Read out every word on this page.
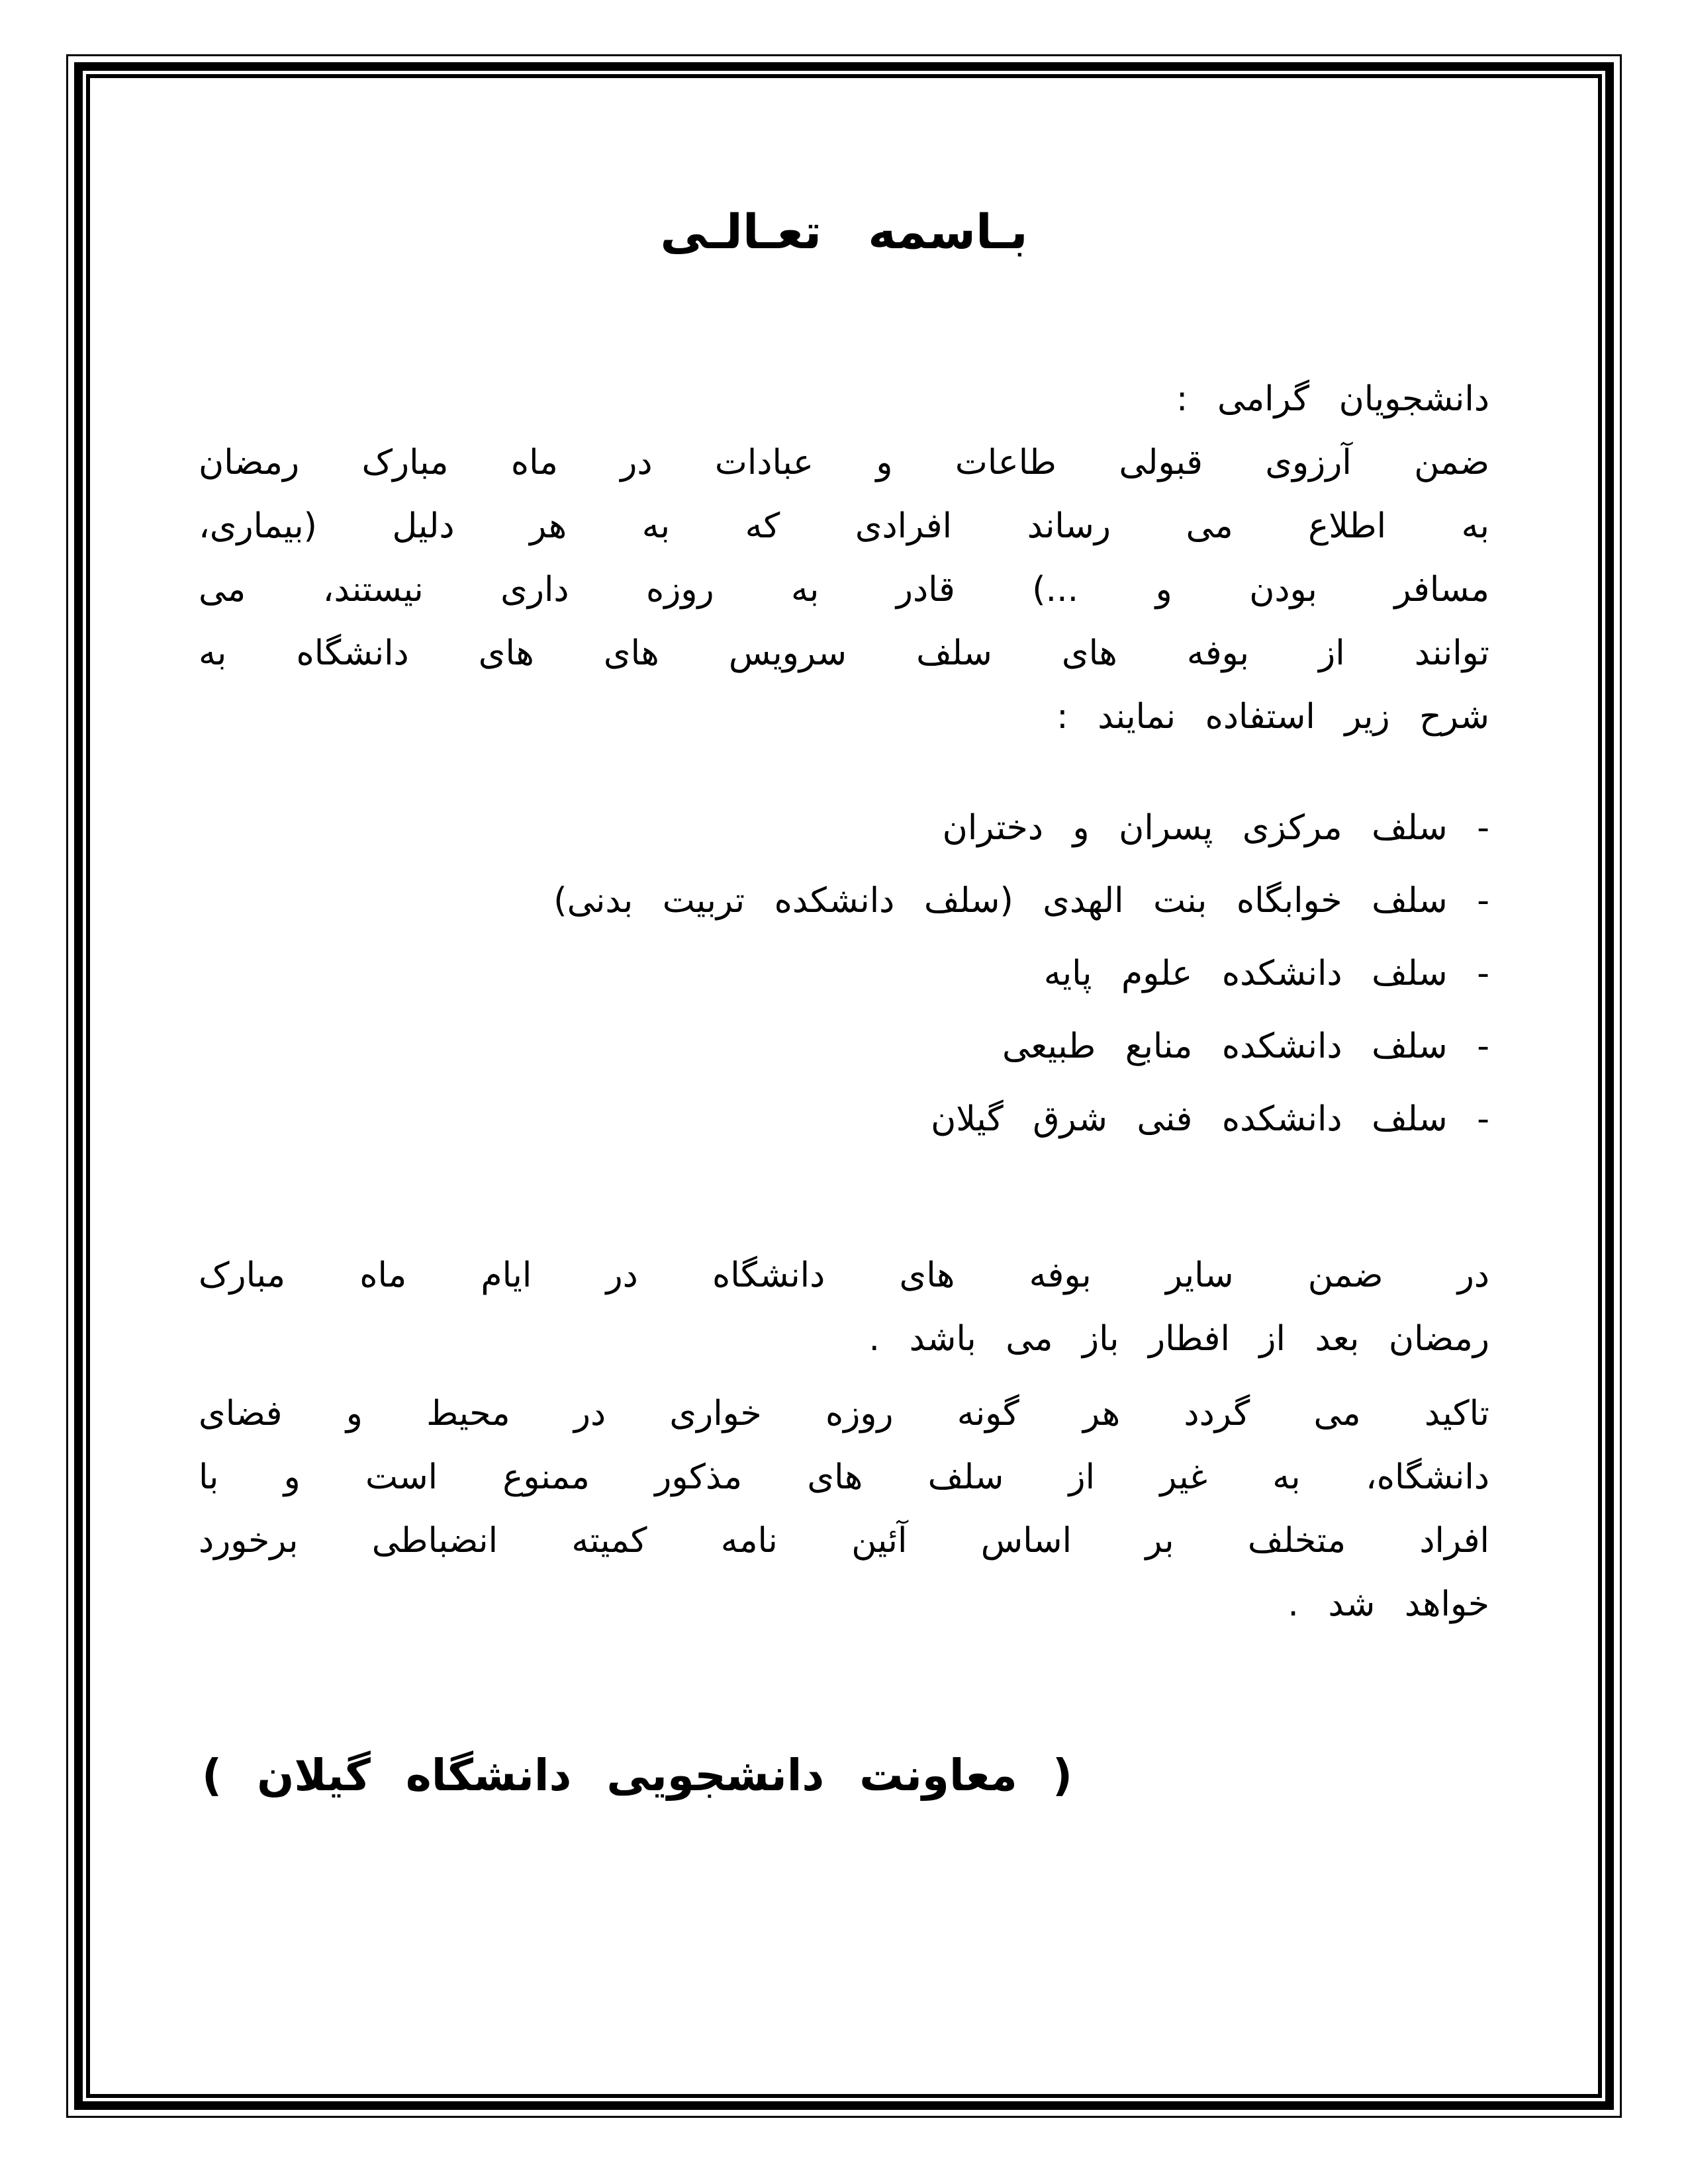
بـاسمه تعـالـی
دانشجویان گرامی :
ضمن آرزوی قبولی طاعات و عبادات در ماه مبارک رمضان
به اطلاع می رساند افرادی که به هر دلیل (بیماری،
مسافر بودن و ...) قادر به روزه داری نیستند، می
توانند از بوفه های سلف سرویس های های دانشگاه به
شرح زیر استفاده نمایند :
- سلف مرکزی پسران و دختران
- سلف خوابگاه بنت الهدی (سلف دانشکده تربیت بدنی)
- سلف دانشکده علوم پایه
- سلف دانشکده منابع طبیعی
- سلف دانشکده فنی شرق گیلان
در ضمن سایر بوفه های دانشگاه در ایام ماه مبارک
رمضان بعد از افطار باز می باشد .
تاکید می گردد هر گونه روزه خواری در محیط و فضای
دانشگاه، به غیر از سلف های مذکور ممنوع است و با
افراد متخلف بر اساس آئین نامه کمیته انضباطی برخورد
خواهد شد .
( معاونت دانشجویی دانشگاه گیلان )
